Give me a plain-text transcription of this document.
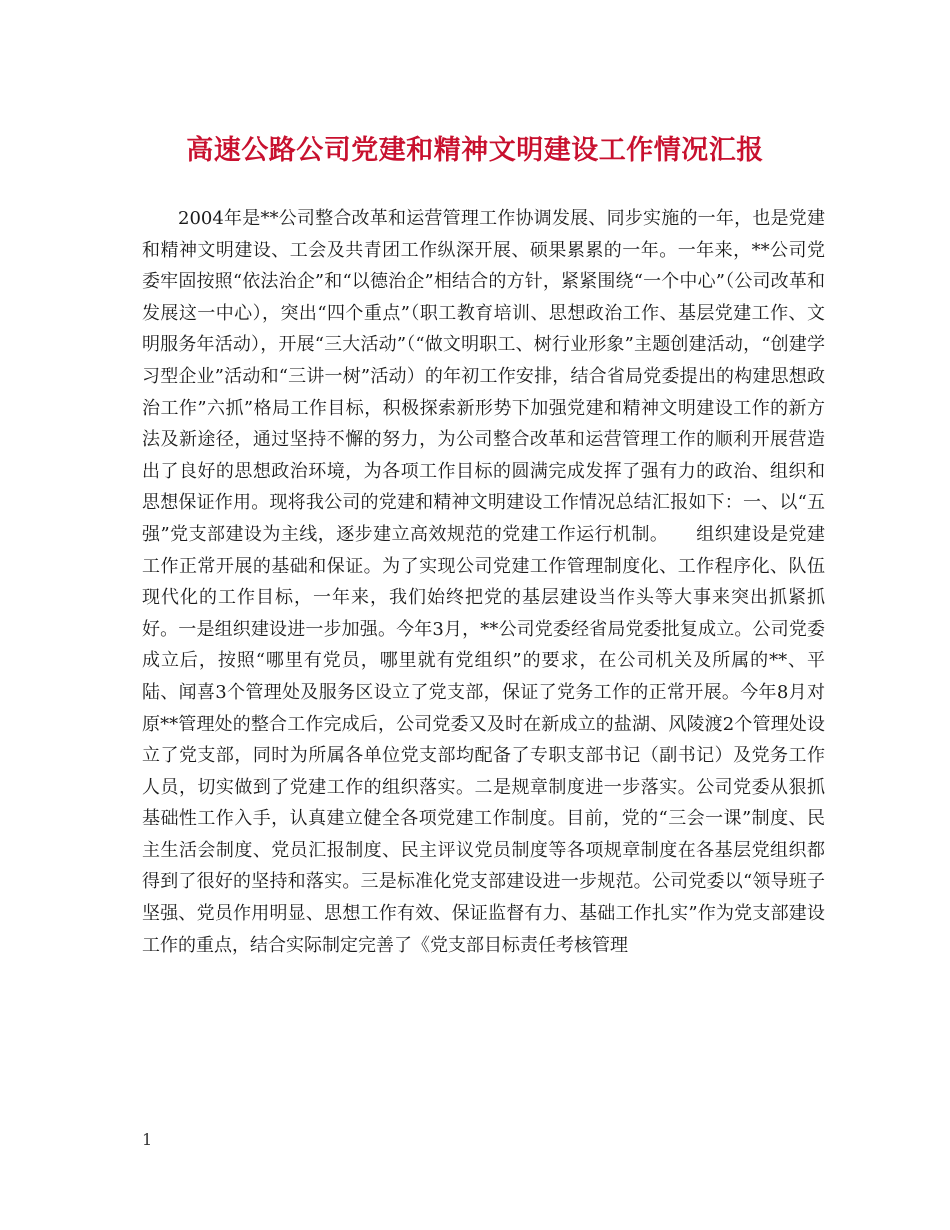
高速公路公司党建和精神文明建设工作情况汇报

2004年是**公司整合改革和运营管理工作协调发展、同步实施的一年，也是党建和精神文明建设、工会及共青团工作纵深开展、硕果累累的一年。一年来，**公司党委牢固按照“依法治企”和“以德治企”相结合的方针，紧紧围绕“一个中心”（公司改革和发展这一中心），突出“四个重点”（职工教育培训、思想政治工作、基层党建工作、文明服务年活动），开展“三大活动”（“做文明职工、树行业形象”主题创建活动，“创建学习型企业”活动和“三讲一树”活动）的年初工作安排，结合省局党委提出的构建思想政治工作”六抓”格局工作目标，积极探索新形势下加强党建和精神文明建设工作的新方法及新途径，通过坚持不懈的努力，为公司整合改革和运营管理工作的顺利开展营造出了良好的思想政治环境，为各项工作目标的圆满完成发挥了强有力的政治、组织和思想保证作用。现将我公司的党建和精神文明建设工作情况总结汇报如下：一、以“五强”党支部建设为主线，逐步建立高效规范的党建工作运行机制。　　组织建设是党建工作正常开展的基础和保证。为了实现公司党建工作管理制度化、工作程序化、队伍现代化的工作目标，一年来，我们始终把党的基层建设当作头等大事来突出抓紧抓好。一是组织建设进一步加强。今年3月，**公司党委经省局党委批复成立。公司党委成立后，按照“哪里有党员，哪里就有党组织”的要求，在公司机关及所属的**、平陆、闻喜3个管理处及服务区设立了党支部，保证了党务工作的正常开展。今年8月对原**管理处的整合工作完成后，公司党委又及时在新成立的盐湖、风陵渡2个管理处设立了党支部，同时为所属各单位党支部均配备了专职支部书记（副书记）及党务工作人员，切实做到了党建工作的组织落实。二是规章制度进一步落实。公司党委从狠抓基础性工作入手，认真建立健全各项党建工作制度。目前，党的“三会一课”制度、民主生活会制度、党员汇报制度、民主评议党员制度等各项规章制度在各基层党组织都得到了很好的坚持和落实。三是标准化党支部建设进一步规范。公司党委以“领导班子坚强、党员作用明显、思想工作有效、保证监督有力、基础工作扎实”作为党支部建设工作的重点，结合实际制定完善了《党支部目标责任考核管理

1
